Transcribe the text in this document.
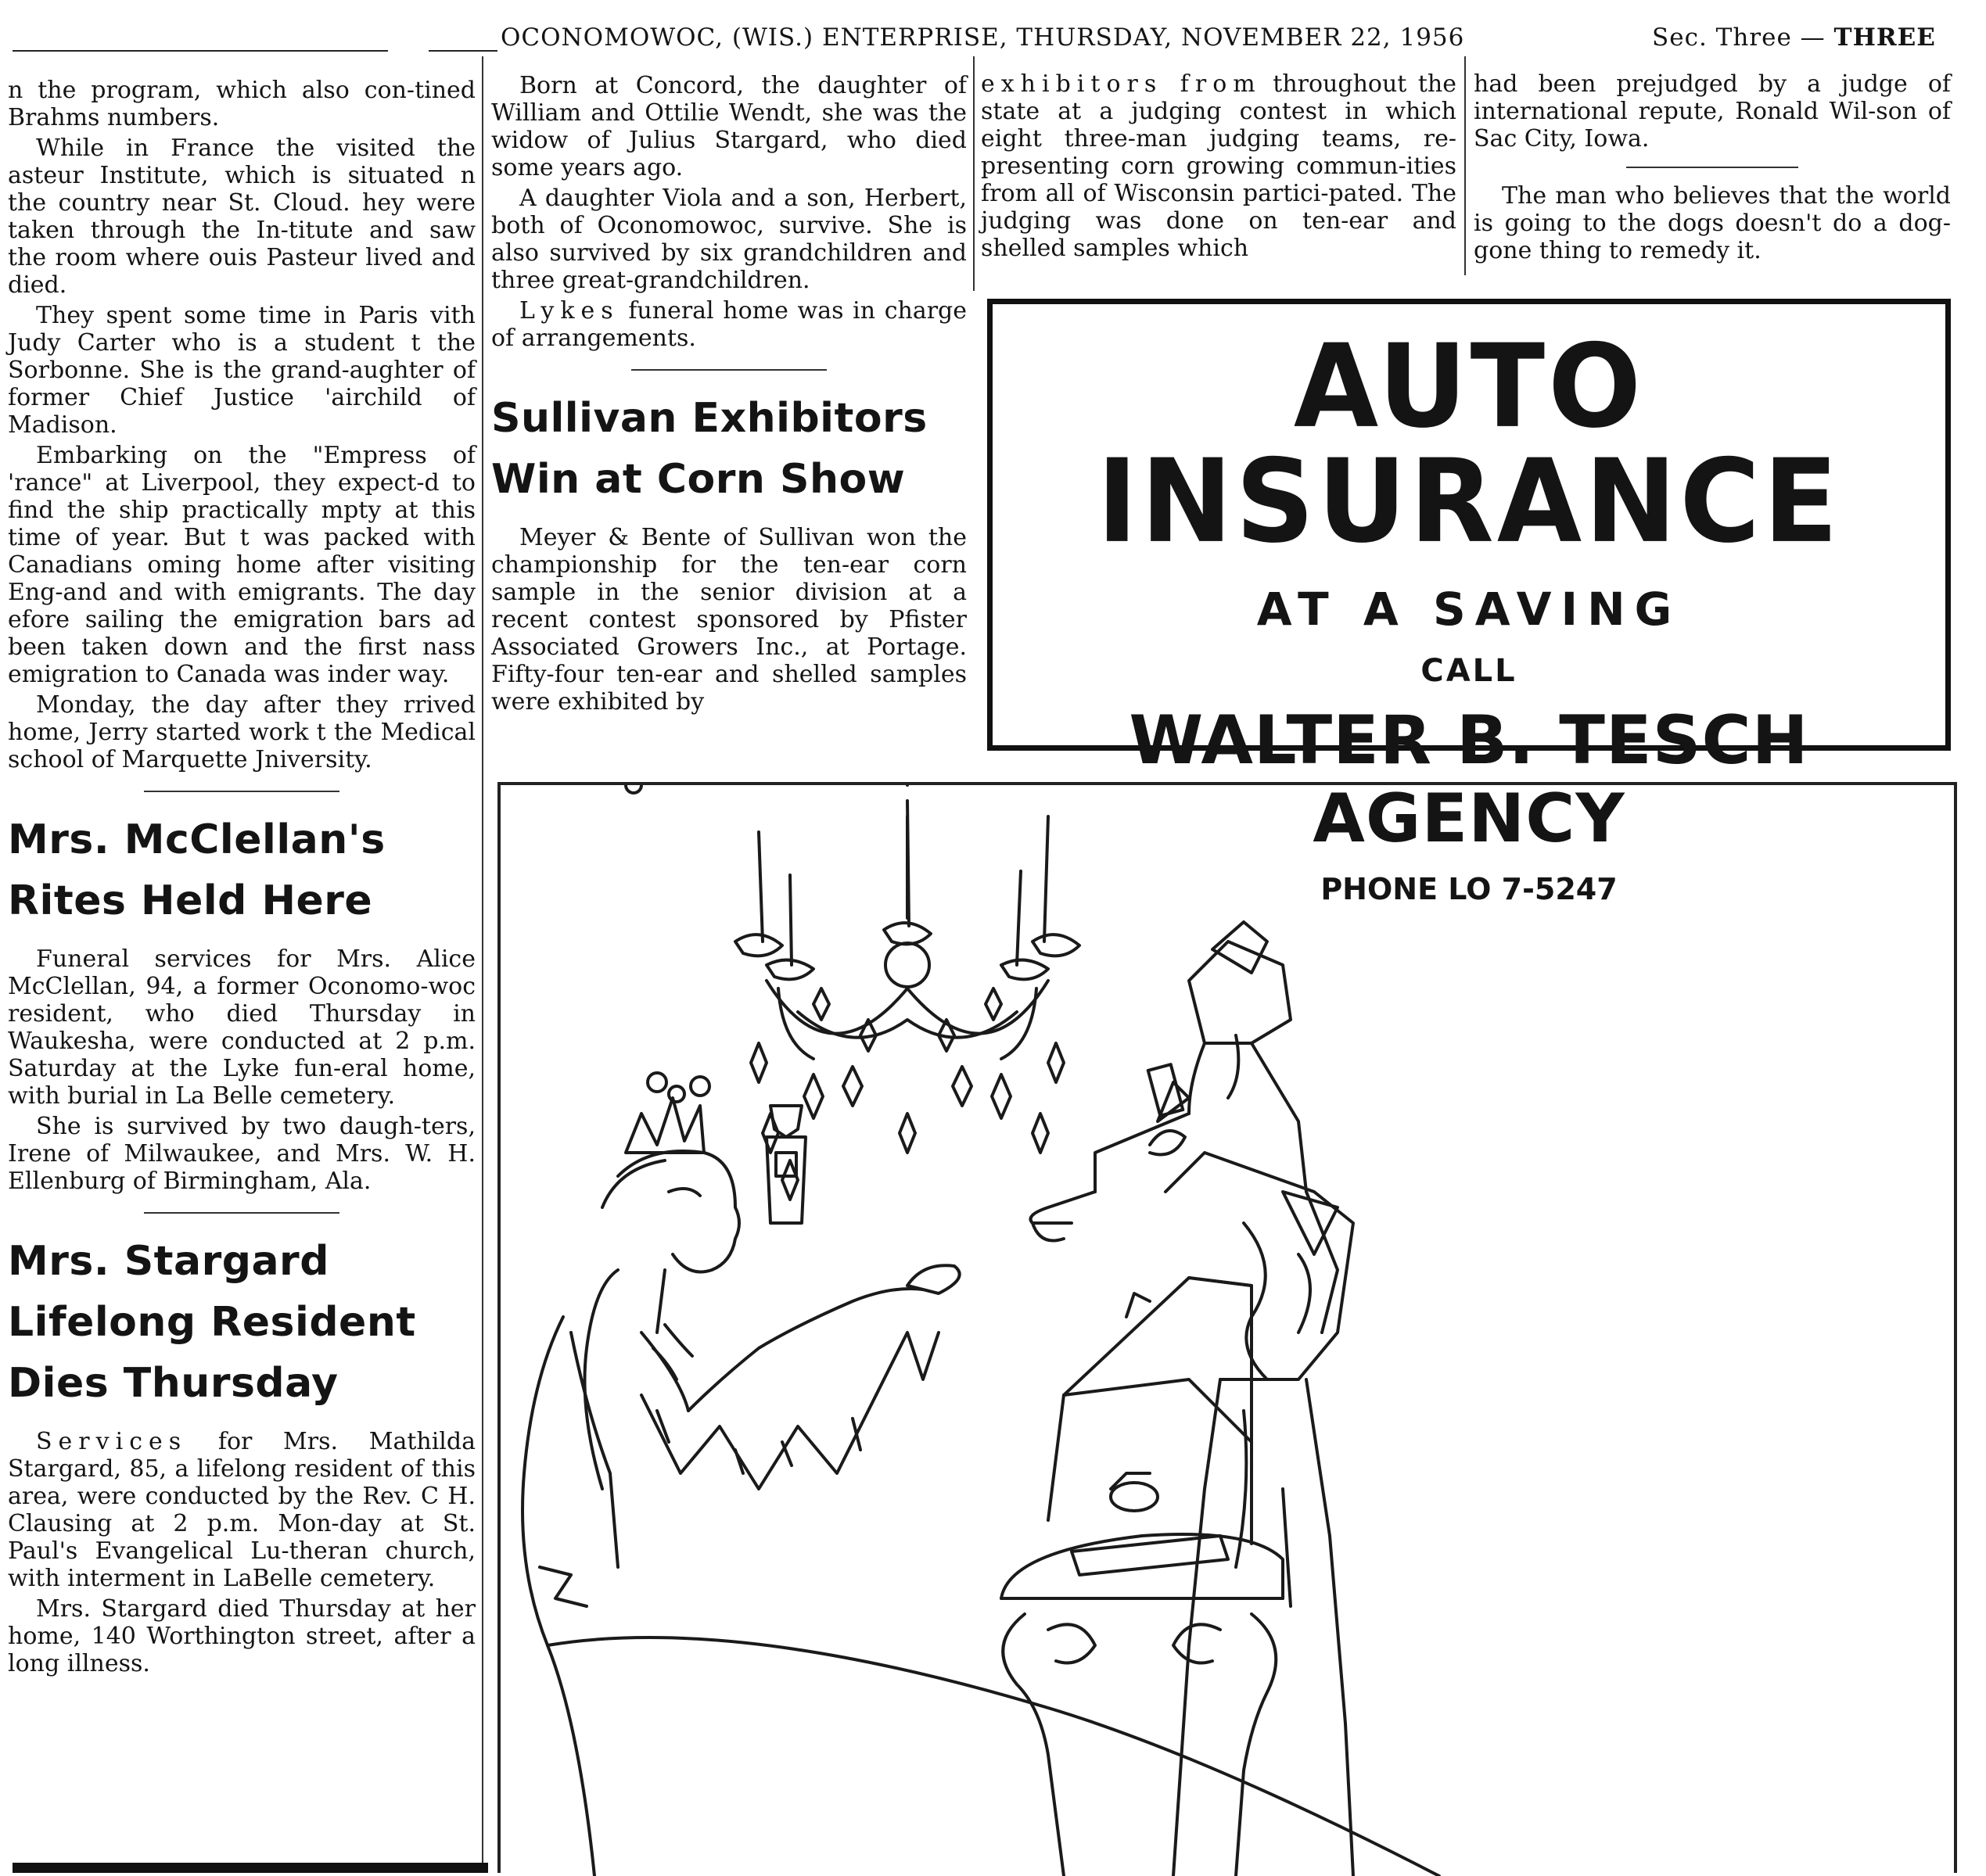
OCONOMOWOC, (WIS.) ENTERPRISE, THURSDAY, NOVEMBER 22, 1956	Sec. Three — THREE

n the program, which also con-tined Brahms numbers.

While in France the visited the asteur Institute, which is situated n the country near St. Cloud. hey were taken through the In-titute and saw the room where ouis Pasteur lived and died.

They spent some time in Paris vith Judy Carter who is a student t the Sorbonne. She is the grand-aughter of former Chief Justice 'airchild of Madison.

Embarking on the "Empress of 'rance" at Liverpool, they expect-d to find the ship practically mpty at this time of year. But t was packed with Canadians oming home after visiting Eng-and and with emigrants. The day efore sailing the emigration bars ad been taken down and the first nass emigration to Canada was inder way.

Monday, the day after they rrived home, Jerry started work t the Medical school of Marquette Jniversity.

Mrs. McClellan's
Rites Held Here

Funeral services for Mrs. Alice McClellan, 94, a former Oconomo-woc resident, who died Thursday in Waukesha, were conducted at 2 p.m. Saturday at the Lyke fun-eral home, with burial in La Belle cemetery.

She is survived by two daugh-ters, Irene of Milwaukee, and Mrs. W. H. Ellenburg of Birmingham, Ala.

Mrs. Stargard
Lifelong Resident
Dies Thursday

Services for Mrs. Mathilda Stargard, 85, a lifelong resident of this area, were conducted by the Rev. C H. Clausing at 2 p.m. Mon-day at St. Paul's Evangelical Lu-theran church, with interment in LaBelle cemetery.

Mrs. Stargard died Thursday at her home, 140 Worthington street, after a long illness.

Born at Concord, the daughter of William and Ottilie Wendt, she was the widow of Julius Stargard, who died some years ago.

A daughter Viola and a son, Herbert, both of Oconomowoc, survive. She is also survived by six grandchildren and three great-grandchildren.

Lykes funeral home was in charge of arrangements.

Sullivan Exhibitors
Win at Corn Show

Meyer & Bente of Sullivan won the championship for the ten-ear corn sample in the senior division at a recent contest sponsored by Pfister Associated Growers Inc., at Portage. Fifty-four ten-ear and shelled samples were exhibited by

exhibitors from throughout the state at a judging contest in which eight three-man judging teams, re-presenting corn growing commun-ities from all of Wisconsin partici-pated. The judging was done on ten-ear and shelled samples which

had been prejudged by a judge of international repute, Ronald Wil-son of Sac City, Iowa.

The man who believes that the world is going to the dogs doesn't do a dog-gone thing to remedy it.

AUTO INSURANCE
AT A SAVING
CALL
WALTER B. TESCH AGENCY
PHONE LO 7-5247
